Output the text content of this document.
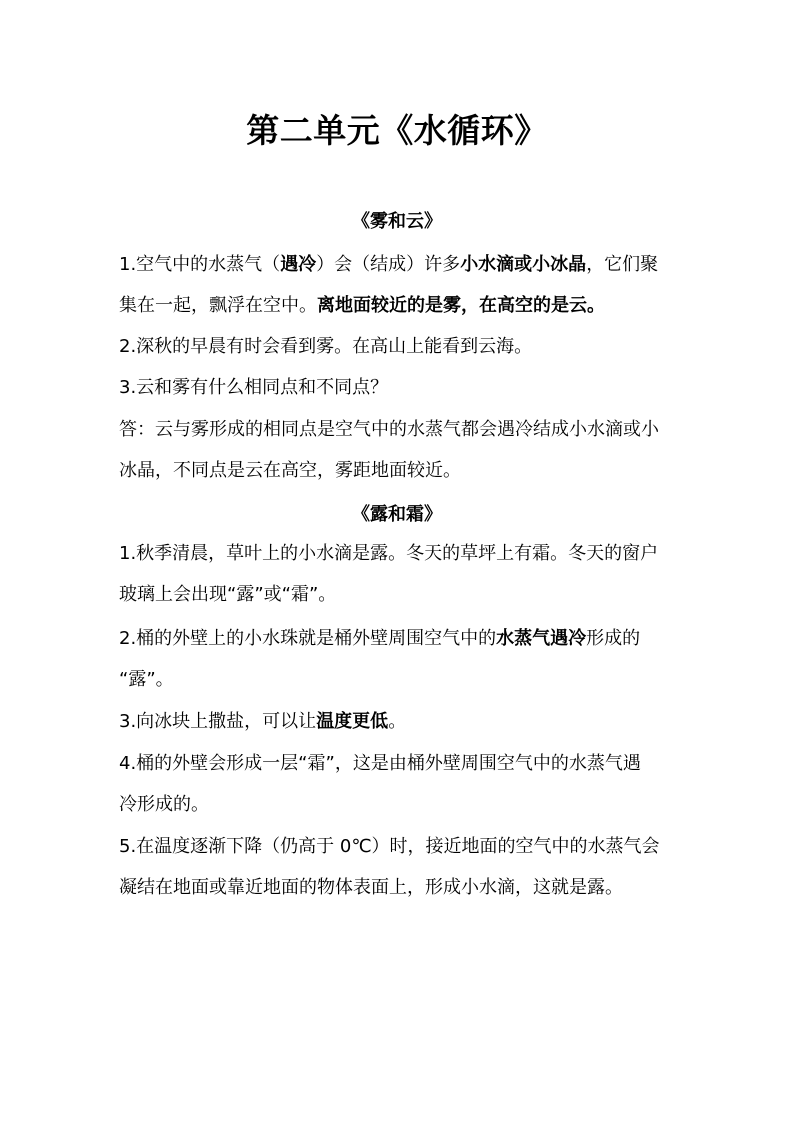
第二单元《水循环》
《雾和云》
1.空气中的水蒸气（遇冷）会（结成）许多小水滴或小冰晶，它们聚
集在一起，飘浮在空中。离地面较近的是雾，在高空的是云。
2.深秋的早晨有时会看到雾。在高山上能看到云海。
3.云和雾有什么相同点和不同点？
答：云与雾形成的相同点是空气中的水蒸气都会遇冷结成小水滴或小
冰晶，不同点是云在高空，雾距地面较近。
《露和霜》
1.秋季清晨，草叶上的小水滴是露。冬天的草坪上有霜。冬天的窗户
玻璃上会出现“露”或“霜”。
2.桶的外壁上的小水珠就是桶外壁周围空气中的水蒸气遇冷形成的
“露”。
3.向冰块上撒盐，可以让温度更低。
4.桶的外壁会形成一层“霜”，这是由桶外壁周围空气中的水蒸气遇
冷形成的。
5.在温度逐渐下降（仍高于 0℃）时，接近地面的空气中的水蒸气会
凝结在地面或靠近地面的物体表面上，形成小水滴，这就是露。
